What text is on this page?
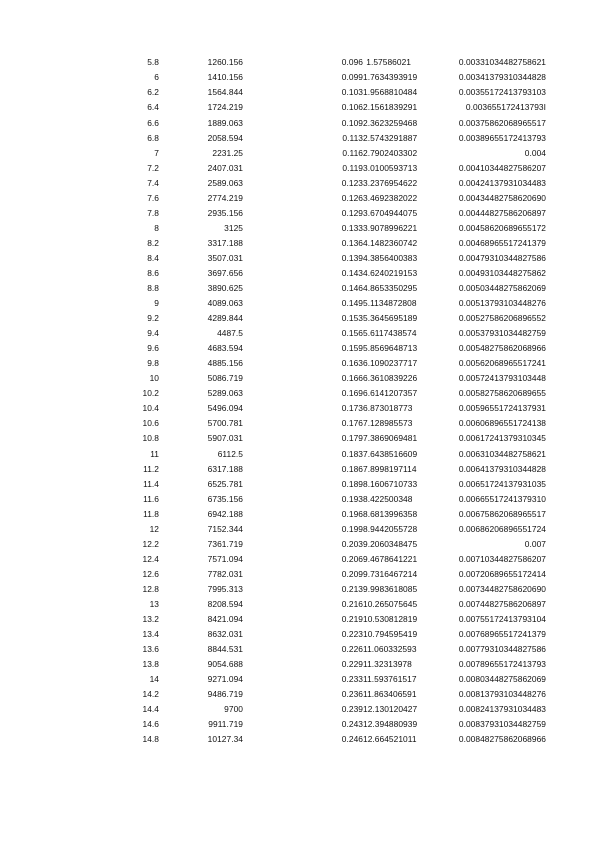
5.8	1260.156	0.096	1.57586021	0.00331034482758621
6	1410.156	0.099	1.7634393919	0.00341379310344828
6.2	1564.844	0.103	1.9568810484	0.00355172413793103
6.4	1724.219	0.106	2.1561839291	0.003655172413793I
6.6	1889.063	0.109	2.3623259468	0.00375862068965517
6.8	2058.594	0.113	2.5743291887	0.00389655172413793
7	2231.25	0.116	2.7902403302	0.004
7.2	2407.031	0.119	3.0100593713	0.00410344827586207
7.4	2589.063	0.123	3.2376954622	0.00424137931034483
7.6	2774.219	0.126	3.4692382022	0.00434482758620690
7.8	2935.156	0.129	3.6704944075	0.00444827586206897
8	3125	0.133	3.9078996221	0.00458620689655172
8.2	3317.188	0.136	4.1482360742	0.00468965517241379
8.4	3507.031	0.139	4.3856400383	0.00479310344827586
8.6	3697.656	0.143	4.6240219153	0.00493103448275862
8.8	3890.625	0.146	4.8653350295	0.00503448275862069
9	4089.063	0.149	5.1134872808	0.00513793103448276
9.2	4289.844	0.153	5.3645695189	0.00527586206896552
9.4	4487.5	0.156	5.6117438574	0.00537931034482759
9.6	4683.594	0.159	5.8569648713	0.00548275862068966
9.8	4885.156	0.163	6.1090237717	0.00562068965517241
10	5086.719	0.166	6.3610839226	0.00572413793103448
10.2	5289.063	0.169	6.6141207357	0.00582758620689655
10.4	5496.094	0.173	6.873018773	0.00596551724137931
10.6	5700.781	0.176	7.128985573	0.00606896551724138
10.8	5907.031	0.179	7.3869069481	0.00617241379310345
11	6112.5	0.183	7.6438516609	0.00631034482758621
11.2	6317.188	0.186	7.8998197114	0.00641379310344828
11.4	6525.781	0.189	8.1606710733	0.00651724137931035
11.6	6735.156	0.193	8.422500348	0.00665517241379310
11.8	6942.188	0.196	8.6813996358	0.00675862068965517
12	7152.344	0.199	8.9442055728	0.00686206896551724
12.2	7361.719	0.203	9.2060348475	0.007
12.4	7571.094	0.206	9.4678641221	0.00710344827586207
12.6	7782.031	0.209	9.7316467214	0.00720689655172414
12.8	7995.313	0.213	9.9983618085	0.00734482758620690
13	8208.594	0.216	10.265075645	0.00744827586206897
13.2	8421.094	0.219	10.530812819	0.00755172413793104
13.4	8632.031	0.223	10.794595419	0.00768965517241379
13.6	8844.531	0.226	11.060332593	0.00779310344827586
13.8	9054.688	0.229	11.32313978	0.00789655172413793
14	9271.094	0.233	11.593761517	0.00803448275862069
14.2	9486.719	0.236	11.863406591	0.00813793103448276
14.4	9700	0.239	12.130120427	0.00824137931034483
14.6	9911.719	0.243	12.394880939	0.00837931034482759
14.8	10127.34	0.246	12.664521011	0.00848275862068966
